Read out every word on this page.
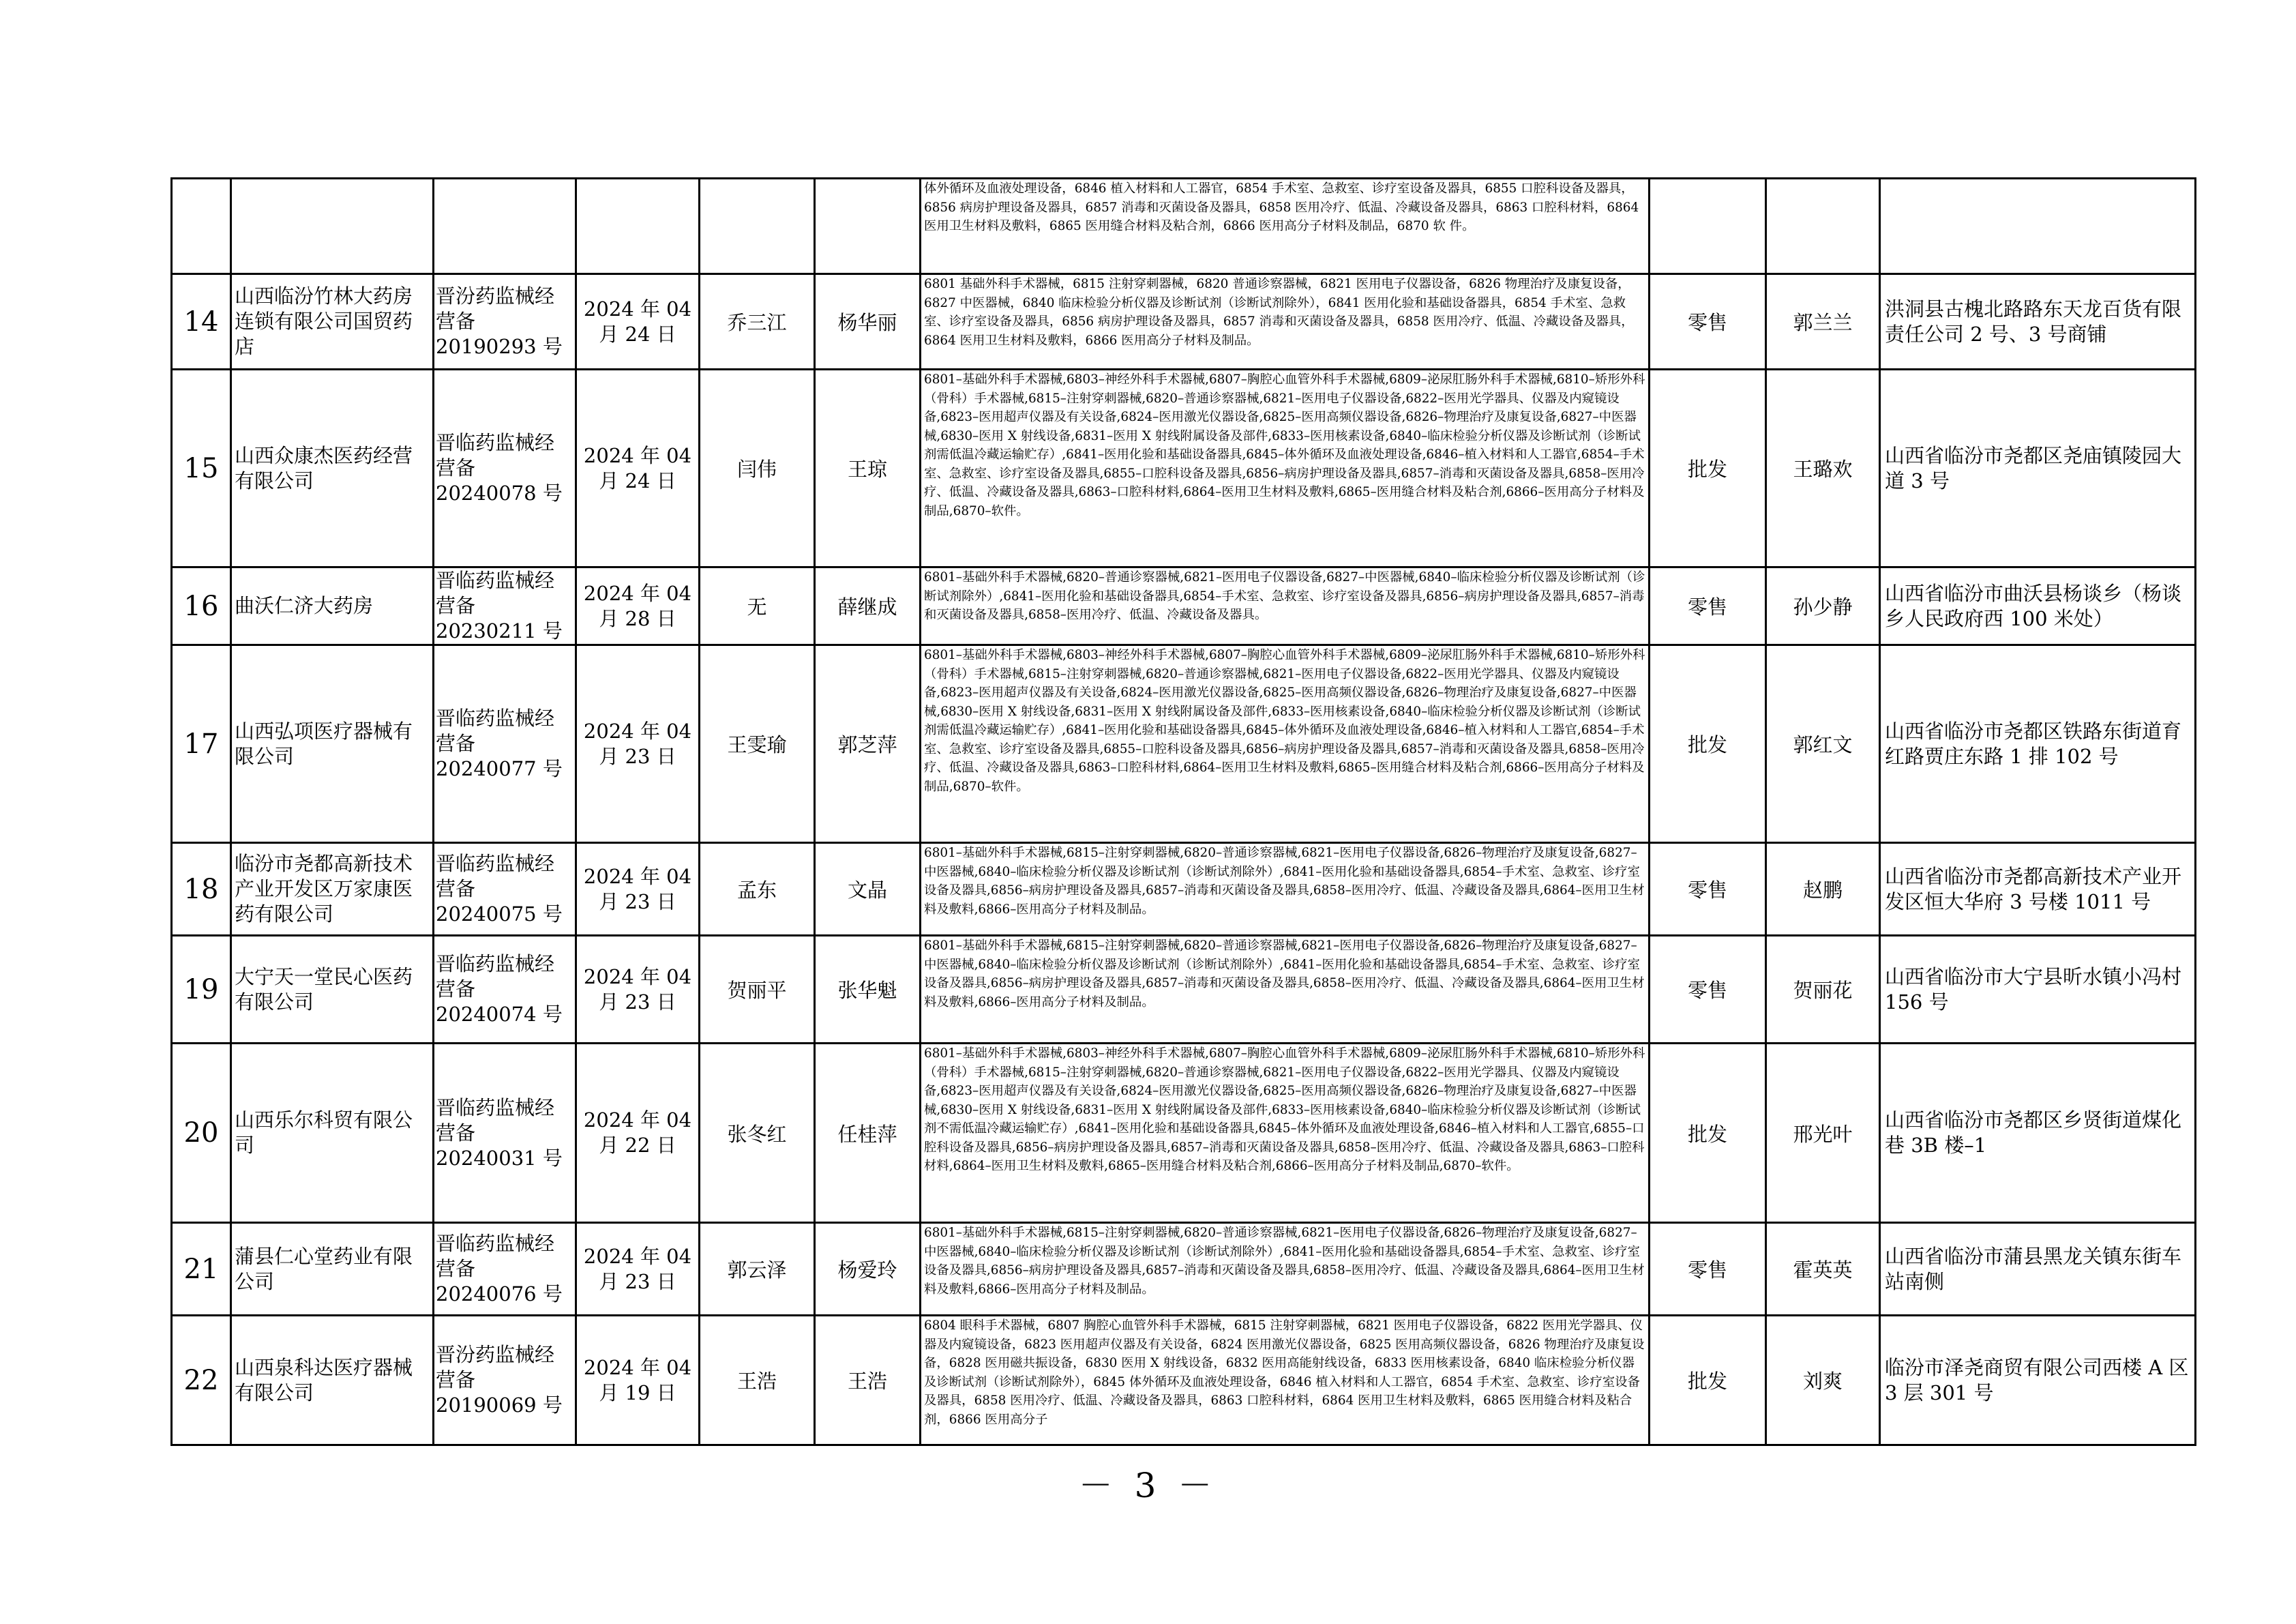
						体外循环及血液处理设备，6846 植入材料和人工器官，6854 手术室、急救室、诊疗室设备及器具，6855 口腔科设备及器具，6856 病房护理设备及器具，6857 消毒和灭菌设备及器具，6858 医用冷疗、低温、冷藏设备及器具，6863 口腔科材料，6864 医用卫生材料及敷料，6865 医用缝合材料及粘合剂，6866 医用高分子材料及制品，6870 软 件。			
14	山西临汾竹林大药房连锁有限公司国贸药店	晋汾药监械经营备 20190293 号	2024 年 04 月 24 日	乔三江	杨华丽	6801 基础外科手术器械，6815 注射穿刺器械，6820 普通诊察器械，6821 医用电子仪器设备，6826 物理治疗及康复设备，6827 中医器械，6840 临床检验分析仪器及诊断试剂（诊断试剂除外），6841 医用化验和基础设备器具，6854 手术室、急救室、诊疗室设备及器具，6856 病房护理设备及器具，6857 消毒和灭菌设备及器具，6858 医用冷疗、低温、冷藏设备及器具，6864 医用卫生材料及敷料，6866 医用高分子材料及制品。	零售	郭兰兰	洪洞县古槐北路路东天龙百货有限责任公司 2 号、3 号商铺
15	山西众康杰医药经营有限公司	晋临药监械经营备 20240078 号	2024 年 04 月 24 日	闫伟	王琼	6801–基础外科手术器械,6803–神经外科手术器械,6807–胸腔心血管外科手术器械,6809–泌尿肛肠外科手术器械,6810–矫形外科（骨科）手术器械,6815–注射穿刺器械,6820–普通诊察器械,6821–医用电子仪器设备,6822–医用光学器具、仪器及内窥镜设备,6823–医用超声仪器及有关设备,6824–医用激光仪器设备,6825–医用高频仪器设备,6826–物理治疗及康复设备,6827–中医器械,6830–医用 X 射线设备,6831–医用 X 射线附属设备及部件,6833–医用核素设备,6840–临床检验分析仪器及诊断试剂（诊断试剂需低温冷藏运输贮存）,6841–医用化验和基础设备器具,6845–体外循环及血液处理设备,6846–植入材料和人工器官,6854–手术室、急救室、诊疗室设备及器具,6855–口腔科设备及器具,6856–病房护理设备及器具,6857–消毒和灭菌设备及器具,6858–医用冷疗、低温、冷藏设备及器具,6863–口腔科材料,6864–医用卫生材料及敷料,6865–医用缝合材料及粘合剂,6866–医用高分子材料及制品,6870–软件。	批发	王璐欢	山西省临汾市尧都区尧庙镇陵园大道 3 号
16	曲沃仁济大药房	晋临药监械经营备 20230211 号	2024 年 04 月 28 日	无	薛继成	6801–基础外科手术器械,6820–普通诊察器械,6821–医用电子仪器设备,6827–中医器械,6840–临床检验分析仪器及诊断试剂（诊断试剂除外）,6841–医用化验和基础设备器具,6854–手术室、急救室、诊疗室设备及器具,6856–病房护理设备及器具,6857–消毒和灭菌设备及器具,6858–医用冷疗、低温、冷藏设备及器具。	零售	孙少静	山西省临汾市曲沃县杨谈乡（杨谈乡人民政府西 100 米处）
17	山西弘项医疗器械有限公司	晋临药监械经营备 20240077 号	2024 年 04 月 23 日	王雯瑜	郭芝萍	6801–基础外科手术器械,6803–神经外科手术器械,6807–胸腔心血管外科手术器械,6809–泌尿肛肠外科手术器械,6810–矫形外科（骨科）手术器械,6815–注射穿刺器械,6820–普通诊察器械,6821–医用电子仪器设备,6822–医用光学器具、仪器及内窥镜设备,6823–医用超声仪器及有关设备,6824–医用激光仪器设备,6825–医用高频仪器设备,6826–物理治疗及康复设备,6827–中医器械,6830–医用 X 射线设备,6831–医用 X 射线附属设备及部件,6833–医用核素设备,6840–临床检验分析仪器及诊断试剂（诊断试剂需低温冷藏运输贮存）,6841–医用化验和基础设备器具,6845–体外循环及血液处理设备,6846–植入材料和人工器官,6854–手术室、急救室、诊疗室设备及器具,6855–口腔科设备及器具,6856–病房护理设备及器具,6857–消毒和灭菌设备及器具,6858–医用冷疗、低温、冷藏设备及器具,6863–口腔科材料,6864–医用卫生材料及敷料,6865–医用缝合材料及粘合剂,6866–医用高分子材料及制品,6870–软件。	批发	郭红文	山西省临汾市尧都区铁路东街道育红路贾庄东路 1 排 102 号
18	临汾市尧都高新技术产业开发区万家康医药有限公司	晋临药监械经营备 20240075 号	2024 年 04 月 23 日	孟东	文晶	6801–基础外科手术器械,6815–注射穿刺器械,6820–普通诊察器械,6821–医用电子仪器设备,6826–物理治疗及康复设备,6827–中医器械,6840–临床检验分析仪器及诊断试剂（诊断试剂除外）,6841–医用化验和基础设备器具,6854–手术室、急救室、诊疗室设备及器具,6856–病房护理设备及器具,6857–消毒和灭菌设备及器具,6858–医用冷疗、低温、冷藏设备及器具,6864–医用卫生材料及敷料,6866–医用高分子材料及制品。	零售	赵鹏	山西省临汾市尧都高新技术产业开发区恒大华府 3 号楼 1011 号
19	大宁天一堂民心医药有限公司	晋临药监械经营备 20240074 号	2024 年 04 月 23 日	贺丽平	张华魁	6801–基础外科手术器械,6815–注射穿刺器械,6820–普通诊察器械,6821–医用电子仪器设备,6826–物理治疗及康复设备,6827–中医器械,6840–临床检验分析仪器及诊断试剂（诊断试剂除外）,6841–医用化验和基础设备器具,6854–手术室、急救室、诊疗室设备及器具,6856–病房护理设备及器具,6857–消毒和灭菌设备及器具,6858–医用冷疗、低温、冷藏设备及器具,6864–医用卫生材料及敷料,6866–医用高分子材料及制品。	零售	贺丽花	山西省临汾市大宁县昕水镇小冯村 156 号
20	山西乐尔科贸有限公司	晋临药监械经营备 20240031 号	2024 年 04 月 22 日	张冬红	任桂萍	6801–基础外科手术器械,6803–神经外科手术器械,6807–胸腔心血管外科手术器械,6809–泌尿肛肠外科手术器械,6810–矫形外科（骨科）手术器械,6815–注射穿刺器械,6820–普通诊察器械,6821–医用电子仪器设备,6822–医用光学器具、仪器及内窥镜设备,6823–医用超声仪器及有关设备,6824–医用激光仪器设备,6825–医用高频仪器设备,6826–物理治疗及康复设备,6827–中医器械,6830–医用 X 射线设备,6831–医用 X 射线附属设备及部件,6833–医用核素设备,6840–临床检验分析仪器及诊断试剂（诊断试剂不需低温冷藏运输贮存）,6841–医用化验和基础设备器具,6845–体外循环及血液处理设备,6846–植入材料和人工器官,6855–口腔科设备及器具,6856–病房护理设备及器具,6857–消毒和灭菌设备及器具,6858–医用冷疗、低温、冷藏设备及器具,6863–口腔科材料,6864–医用卫生材料及敷料,6865–医用缝合材料及粘合剂,6866–医用高分子材料及制品,6870–软件。	批发	邢光叶	山西省临汾市尧都区乡贤街道煤化巷 3B 楼–1
21	蒲县仁心堂药业有限公司	晋临药监械经营备 20240076 号	2024 年 04 月 23 日	郭云泽	杨爱玲	6801–基础外科手术器械,6815–注射穿刺器械,6820–普通诊察器械,6821–医用电子仪器设备,6826–物理治疗及康复设备,6827–中医器械,6840–临床检验分析仪器及诊断试剂（诊断试剂除外）,6841–医用化验和基础设备器具,6854–手术室、急救室、诊疗室设备及器具,6856–病房护理设备及器具,6857–消毒和灭菌设备及器具,6858–医用冷疗、低温、冷藏设备及器具,6864–医用卫生材料及敷料,6866–医用高分子材料及制品。	零售	霍英英	山西省临汾市蒲县黑龙关镇东街车站南侧
22	山西泉科达医疗器械有限公司	晋汾药监械经营备 20190069 号	2024 年 04 月 19 日	王浩	王浩	6804 眼科手术器械，6807 胸腔心血管外科手术器械，6815 注射穿刺器械，6821 医用电子仪器设备，6822 医用光学器具、仪器及内窥镜设备，6823 医用超声仪器及有关设备，6824 医用激光仪器设备，6825 医用高频仪器设备，6826 物理治疗及康复设备，6828 医用磁共振设备，6830 医用 X 射线设备，6832 医用高能射线设备，6833 医用核素设备，6840 临床检验分析仪器及诊断试剂（诊断试剂除外），6845 体外循环及血液处理设备，6846 植入材料和人工器官，6854 手术室、急救室、诊疗室设备及器具，6858 医用冷疗、低温、冷藏设备及器具，6863 口腔科材料，6864 医用卫生材料及敷料，6865 医用缝合材料及粘合剂，6866 医用高分子	批发	刘爽	临汾市泽尧商贸有限公司西楼 A 区 3 层 301 号
－ 3 －
